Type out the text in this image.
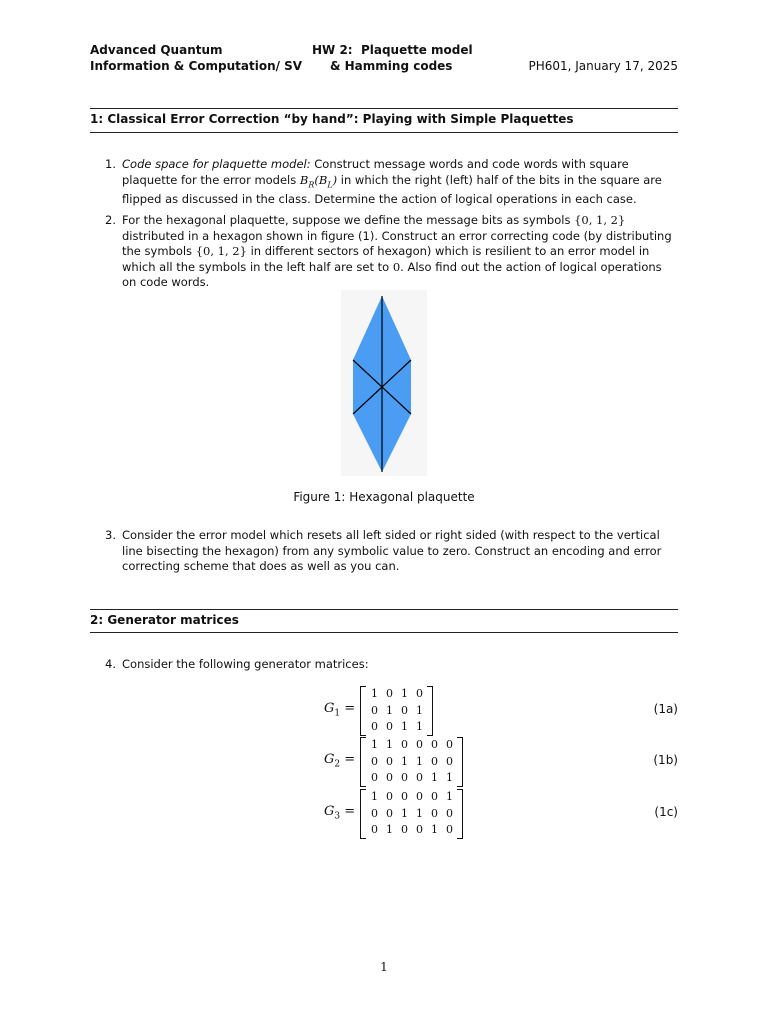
Advanced Quantum
Information & Computation/ SV
HW 2:  Plaquette model
& Hamming codes	PH601, January 17, 2025
1: Classical Error Correction “by hand”: Playing with Simple Plaquettes
1. Code space for plaquette model: Construct message words and code words with square plaquette for the error models $B_R(B_L)$ in which the right (left) half of the bits in the square are flipped as discussed in the class. Determine the action of logical operations in each case.
2. For the hexagonal plaquette, suppose we define the message bits as symbols {0, 1, 2} distributed in a hexagon shown in figure (1). Construct an error correcting code (by distributing the symbols {0, 1, 2} in different sectors of hexagon) which is resilient to an error model in which all the symbols in the left half are set to 0. Also find out the action of logical operations on code words.
Figure 1: Hexagonal plaquette
3. Consider the error model which resets all left sided or right sided (with respect to the vertical line bisecting the hexagon) from any symbolic value to zero. Construct an encoding and error correcting scheme that does as well as you can.
2: Generator matrices
4. Consider the following generator matrices:
$G_1$ =
1 0 1 0
0 1 0 1
0 0 1 1
(1a)
$G_2$ =
1 1 0 0 0 0
0 0 1 1 0 0
0 0 0 0 1 1
(1b)
$G_3$ =
1 0 0 0 0 1
0 0 1 1 0 0
0 1 0 0 1 0
(1c)
1
